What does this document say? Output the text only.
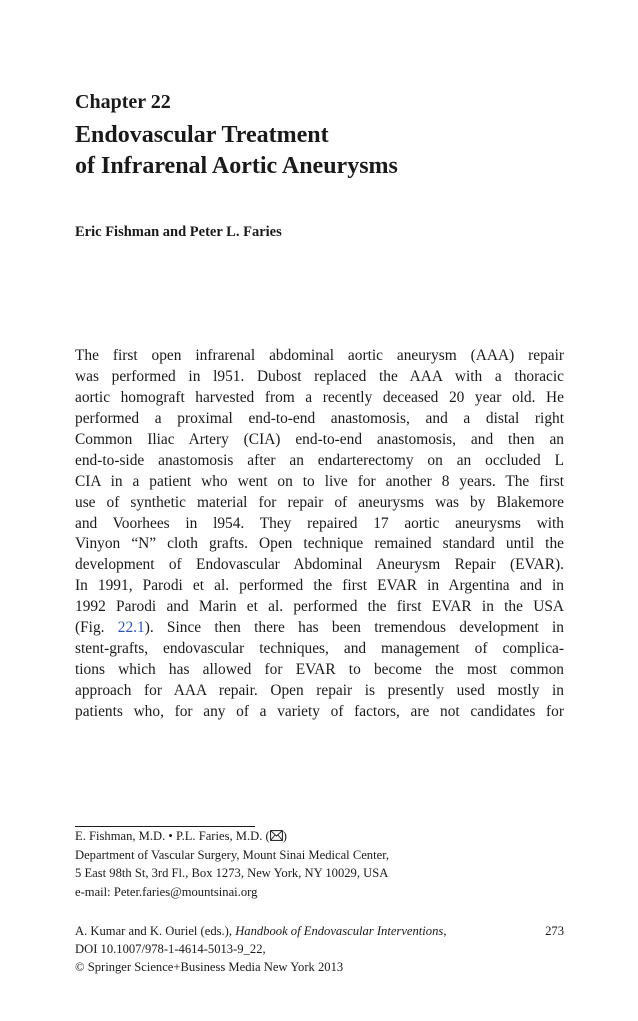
Chapter 22
Endovascular Treatment
of Infrarenal Aortic Aneurysms
Eric Fishman and Peter L. Faries
The first open infrarenal abdominal aortic aneurysm (AAA) repair
was performed in l951. Dubost replaced the AAA with a thoracic
aortic homograft harvested from a recently deceased 20 year old. He
performed a proximal end-to-end anastomosis, and a distal right
Common Iliac Artery (CIA) end-to-end anastomosis, and then an
end-to-side anastomosis after an endarterectomy on an occluded L
CIA in a patient who went on to live for another 8 years. The first
use of synthetic material for repair of aneurysms was by Blakemore
and Voorhees in l954. They repaired 17 aortic aneurysms with
Vinyon “N” cloth grafts. Open technique remained standard until the
development of Endovascular Abdominal Aneurysm Repair (EVAR).
In 1991, Parodi et al. performed the first EVAR in Argentina and in
1992 Parodi and Marin et al. performed the first EVAR in the USA
(Fig. 22.1). Since then there has been tremendous development in
stent-grafts, endovascular techniques, and management of complica-
tions which has allowed for EVAR to become the most common
approach for AAA repair. Open repair is presently used mostly in
patients who, for any of a variety of factors, are not candidates for
E. Fishman, M.D. • P.L. Faries, M.D. ( )
Department of Vascular Surgery, Mount Sinai Medical Center,
5 East 98th St, 3rd Fl., Box 1273, New York, NY 10029, USA
e-mail: Peter.faries@mountsinai.org
A. Kumar and K. Ouriel (eds.), Handbook of Endovascular Interventions,	273
DOI 10.1007/978-1-4614-5013-9_22,
© Springer Science+Business Media New York 2013
